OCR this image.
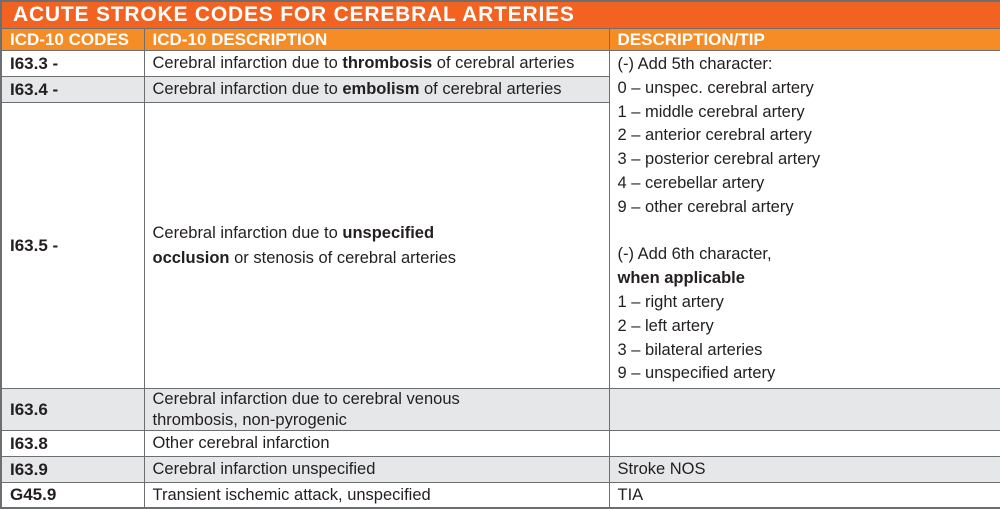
ACUTE STROKE CODES FOR CEREBRAL ARTERIES		
ICD-10 CODES	ICD-10 DESCRIPTION	DESCRIPTION/TIP
I63.3 -	Cerebral infarction due to thrombosis of cerebral arteries	(-) Add 5th character:
0 – unspec. cerebral artery
1 – middle cerebral artery
2 – anterior cerebral artery
3 – posterior cerebral artery
4 – cerebellar artery
9 – other cerebral artery

(-) Add 6th character,
when applicable
1 – right artery
2 – left artery
3 – bilateral arteries
9 – unspecified artery

I63.4 -	Cerebral infarction due to embolism of cerebral arteries	

I63.5 -	Cerebral infarction due to unspecified
occlusion or stenosis of cerebral arteries	

I63.6	Cerebral infarction due to cerebral venous
thrombosis, non-pyrogenic	

I63.8	Other cerebral infarction	

I63.9	Cerebral infarction unspecified	Stroke NOS
G45.9	Transient ischemic attack, unspecified	TIA
